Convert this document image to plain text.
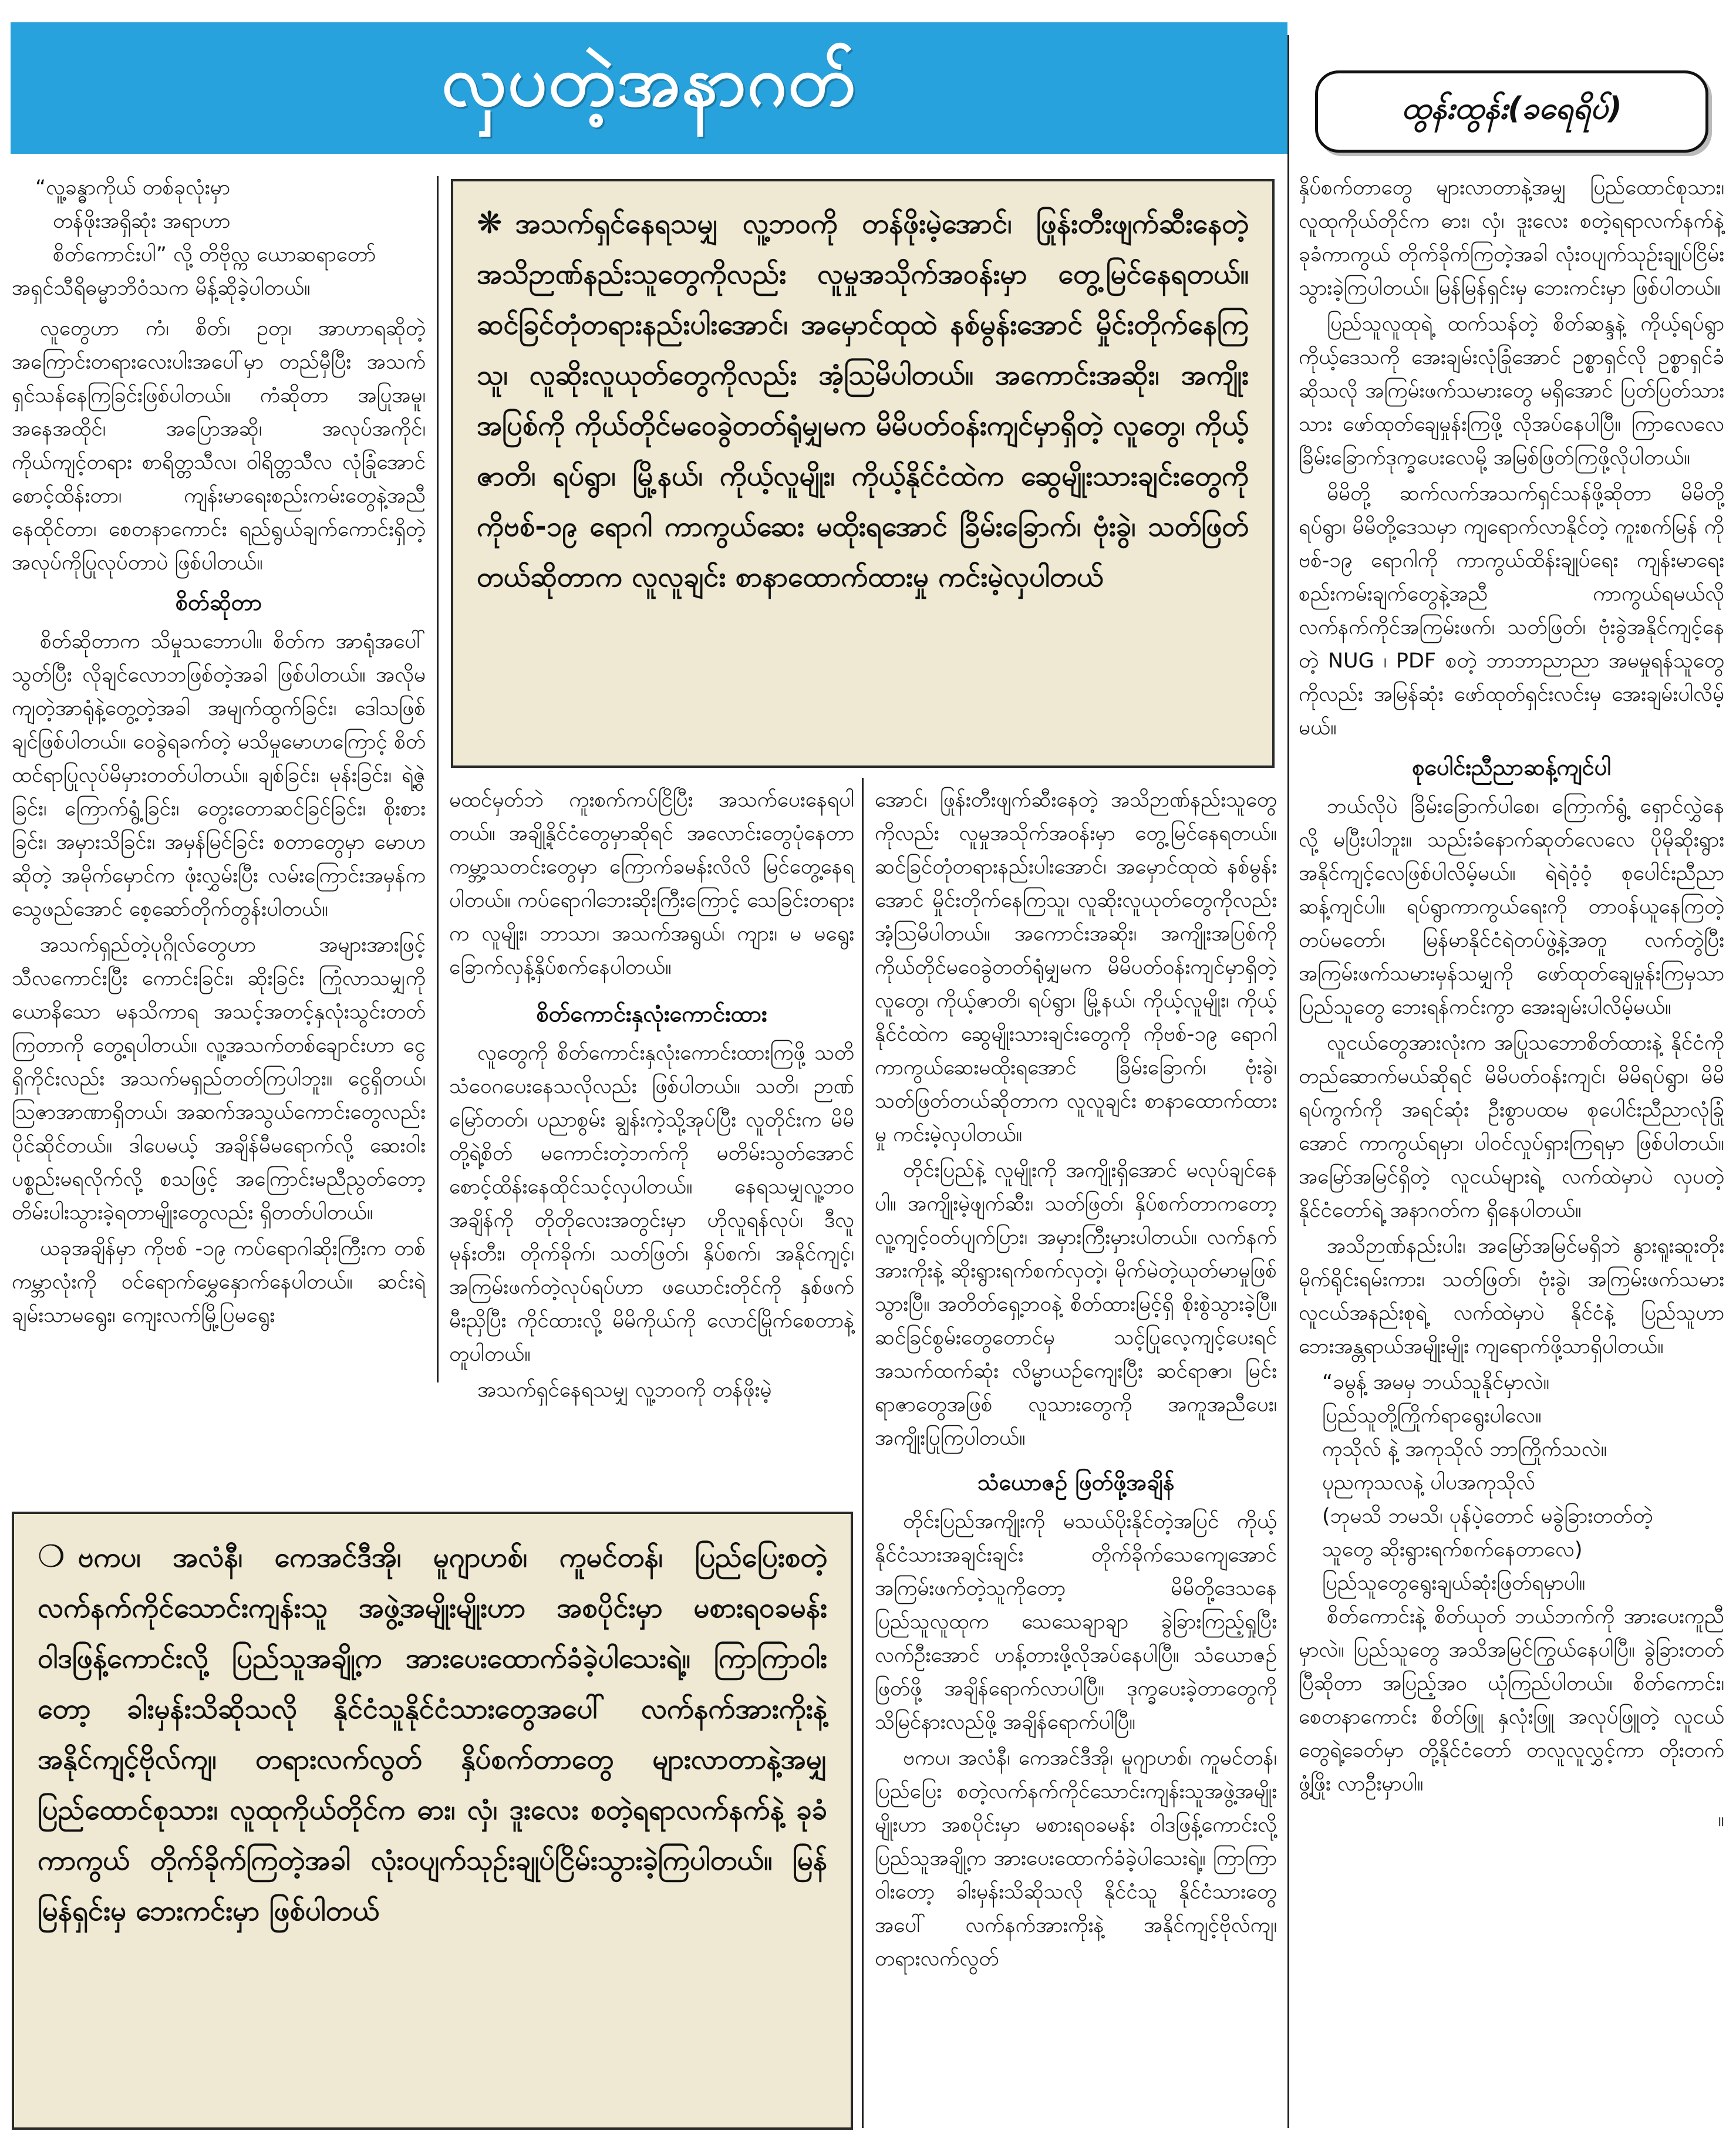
လှပတဲ့အနာဂတ်	ထွန်းထွန်း(ခရေရိပ်)

“လူ့ခန္ဓာကိုယ် တစ်ခုလုံးမှာ

တန်ဖိုးအရှိဆုံး အရာဟာ

စိတ်ကောင်းပါ” လို့ တိဗိုလ္က ယောဆရာတော်

အရှင်သီရိဓမ္မာဘိဝံသက မိန့်ဆိုခဲ့ပါတယ်။

လူတွေဟာ ကံ၊ စိတ်၊ ဥတု၊ အာဟာရဆိုတဲ့ အကြောင်းတရားလေးပါးအပေါ်မှာ တည်မှီပြီး အသက်ရှင်သန်နေကြခြင်းဖြစ်ပါတယ်။ ကံဆိုတာ အပြုအမူ၊ အနေအထိုင်၊ အပြောအဆို၊ အလုပ်အကိုင်၊ ကိုယ်ကျင့်တရား စာရိတ္တသီလ၊ ဝါရိတ္တသီလ လုံခြုံအောင် စောင့်ထိန်းတာ၊ ကျန်းမာရေးစည်းကမ်းတွေနဲ့အညီ နေထိုင်တာ၊ စေတနာကောင်း ရည်ရွယ်ချက်ကောင်းရှိတဲ့ အလုပ်ကိုပြုလုပ်တာပဲ ဖြစ်ပါတယ်။

စိတ်ဆိုတာ

စိတ်ဆိုတာက သိမှုသဘောပါ။ စိတ်က အာရုံအပေါ်သွတ်ပြီး လိုချင်လောဘဖြစ်တဲ့အခါ ဖြစ်ပါတယ်။ အလိုမကျတဲ့အာရုံနဲ့တွေ့တဲ့အခါ အမျက်ထွက်ခြင်း၊ ဒေါသဖြစ်ချင်ဖြစ်ပါတယ်။ ဝေခွဲရခက်တဲ့ မသိမှုမောဟကြောင့် စိတ်ထင်ရာပြုလုပ်မိမှားတတ်ပါတယ်။ ချစ်ခြင်း၊ မုန်းခြင်း၊ ရဲ့ဇွဲခြင်း၊ ကြောက်ရွံ့ခြင်း၊ တွေးတောဆင်ခြင်ခြင်း၊ စိုးစားခြင်း၊ အမှားသိခြင်း၊ အမှန်မြင်ခြင်း စတာတွေမှာ မောဟဆိုတဲ့ အမိုက်မှောင်က ဖုံးလွှမ်းပြီး လမ်းကြောင်းအမှန်က သွေဖည်အောင် စေ့ဆော်တိုက်တွန်းပါတယ်။

အသက်ရှည်တဲ့ပုဂ္ဂိုလ်တွေဟာ အများအားဖြင့် သီလကောင်းပြီး ကောင်းခြင်း၊ ဆိုးခြင်း ကြုံလာသမျှကို ယောနိသော မနသိကာရ အသင့်အတင့်နှလုံးသွင်းတတ်ကြတာကို တွေ့ရပါတယ်။ လူ့အသက်တစ်ချောင်းဟာ ငွေရှိကိုင်းလည်း အသက်မရှည်တတ်ကြပါဘူး။ ငွေရှိတယ်၊ ဩဇာအာဏာရှိတယ်၊ အဆက်အသွယ်ကောင်းတွေလည်း ပိုင်ဆိုင်တယ်။ ဒါပေမယ့် အချိန်မီမရောက်လို့ ဆေးဝါးပစ္စည်းမရလိုက်လို့ စသဖြင့် အကြောင်းမညီညွတ်တော့ တိမ်းပါးသွားခဲ့ရတာမျိုးတွေလည်း ရှိတတ်ပါတယ်။

ယခုအချိန်မှာ ကိုဗစ် -၁၉ ကပ်ရောဂါဆိုးကြီးက တစ်ကမ္ဘာလုံးကို ဝင်ရောက်မွှေနှောက်နေပါတယ်။ ဆင်းရဲချမ်းသာမရွေး၊ ကျေးလက်မြို့ပြမရွေး

❋ အသက်ရှင်နေရသမျှ လူ့ဘဝကို တန်ဖိုးမဲ့အောင်၊ ဖြုန်းတီးဖျက်ဆီးနေတဲ့ အသိဉာဏ်နည်းသူတွေကိုလည်း လူမှုအသိုက်အဝန်းမှာ တွေ့မြင်နေရတယ်။ ဆင်ခြင်တုံတရားနည်းပါးအောင်၊ အမှောင်ထုထဲ နစ်မွန်းအောင် မှိုင်းတိုက်နေကြသူ၊ လူဆိုးလူယုတ်တွေကိုလည်း အံ့သြမိပါတယ်။ အကောင်းအဆိုး၊ အကျိုးအပြစ်ကို ကိုယ်တိုင်မဝေခွဲတတ်ရုံမျှမက မိမိပတ်ဝန်းကျင်မှာရှိတဲ့ လူတွေ၊ ကိုယ့်ဇာတိ၊ ရပ်ရွာ၊ မြို့နယ်၊ ကိုယ့်လူမျိုး၊ ကိုယ့်နိုင်ငံထဲက ဆွေမျိုးသားချင်းတွေကို ကိုဗစ်-၁၉ ရောဂါ ကာကွယ်ဆေး မထိုးရအောင် ခြိမ်းခြောက်၊ ဗုံးခွဲ၊ သတ်ဖြတ်တယ်ဆိုတာက လူလူချင်း စာနာထောက်ထားမှု ကင်းမဲ့လှပါတယ်

မထင်မှတ်ဘဲ ကူးစက်ကပ်ငြိပြီး အသက်ပေးနေရပါတယ်။ အချို့နိုင်ငံတွေမှာဆိုရင် အလောင်းတွေပုံနေတာ ကမ္ဘာ့သတင်းတွေမှာ ကြောက်ခမန်းလိလိ မြင်တွေ့နေရပါတယ်။ ကပ်ရောဂါဘေးဆိုးကြီးကြောင့် သေခြင်းတရားက လူမျိုး၊ ဘာသာ၊ အသက်အရွယ်၊ ကျား၊ မ မရွေး ခြောက်လှန့်နှိပ်စက်နေပါတယ်။

စိတ်ကောင်းနှလုံးကောင်းထား

လူတွေကို စိတ်ကောင်းနှလုံးကောင်းထားကြဖို့ သတိသံဝေဂပေးနေသလိုလည်း ဖြစ်ပါတယ်။ သတိ၊ ဉာဏ်မြော်တတ်၊ ပညာစွမ်း ချွန်းကဲ့သို့အုပ်ပြီး လူတိုင်းက မိမိတို့ရဲ့စိတ် မကောင်းတဲ့ဘက်ကို မတိမ်းသွတ်အောင် စောင့်ထိန်းနေထိုင်သင့်လှပါတယ်။ နေရသမျှလူ့ဘဝအချိန်ကို တိုတိုလေးအတွင်းမှာ ဟိုလူရန်လုပ်၊ ဒီလူမုန်းတီး၊ တိုက်ခိုက်၊ သတ်ဖြတ်၊ နှိပ်စက်၊ အနိုင်ကျင့်၊ အကြမ်းဖက်တဲ့လုပ်ရပ်ဟာ ဖယောင်းတိုင်ကို နှစ်ဖက်မီးညှိပြီး ကိုင်ထားလို့ မိမိကိုယ်ကို လောင်မြိုက်စေတာနဲ့ တူပါတယ်။

အသက်ရှင်နေရသမျှ လူ့ဘဝကို တန်ဖိုးမဲ့

အောင်၊ ဖြုန်းတီးဖျက်ဆီးနေတဲ့ အသိဉာဏ်နည်းသူတွေကိုလည်း လူမှုအသိုက်အဝန်းမှာ တွေ့မြင်နေရတယ်။ ဆင်ခြင်တုံတရားနည်းပါးအောင်၊ အမှောင်ထုထဲ နစ်မွန်းအောင် မှိုင်းတိုက်နေကြသူ၊ လူဆိုးလူယုတ်တွေကိုလည်း အံ့သြမိပါတယ်။ အကောင်းအဆိုး၊ အကျိုးအပြစ်ကို ကိုယ်တိုင်မဝေခွဲတတ်ရုံမျှမက မိမိပတ်ဝန်းကျင်မှာရှိတဲ့ လူတွေ၊ ကိုယ့်ဇာတိ၊ ရပ်ရွာ၊ မြို့နယ်၊ ကိုယ့်လူမျိုး၊ ကိုယ့်နိုင်ငံထဲက ဆွေမျိုးသားချင်းတွေကို ကိုဗစ်-၁၉ ရောဂါ ကာကွယ်ဆေးမထိုးရအောင် ခြိမ်းခြောက်၊ ဗုံးခွဲ၊ သတ်ဖြတ်တယ်ဆိုတာက လူလူချင်း စာနာထောက်ထားမှု ကင်းမဲ့လှပါတယ်။

တိုင်းပြည်နဲ့ လူမျိုးကို အကျိုးရှိအောင် မလုပ်ချင်နေပါ။ အကျိုးမဲ့ဖျက်ဆီး၊ သတ်ဖြတ်၊ နှိပ်စက်တာကတော့ လူ့ကျင့်ဝတ်ပျက်ပြား၊ အမှားကြီးမှားပါတယ်။ လက်နက်အားကိုးနဲ့ ဆိုးရွားရက်စက်လှတဲ့၊ မိုက်မဲတဲ့ယုတ်မာမှုဖြစ်သွားပြီ။ အတိတ်ရှေ့ဘဝနဲ့ စိတ်ထားမြင့်ရှိ စိုးစွဲသွားခဲ့ပြီ။ ဆင်ခြင်စွမ်းတွေတောင်မှ သင့်ပြုလေ့ကျင့်ပေးရင် အသက်ထက်ဆုံး လိမ္မာယဉ်ကျေးပြီး ဆင်ရာဇာ၊ မြင်းရာဇာတွေအဖြစ် လူသားတွေကို အကူအညီပေး၊ အကျိုးပြုကြပါတယ်။

သံယောဇဉ် ဖြတ်ဖို့အချိန်

တိုင်းပြည်အကျိုးကို မသယ်ပိုးနိုင်တဲ့အပြင် ကိုယ့်နိုင်ငံသားအချင်းချင်း တိုက်ခိုက်သေကျေအောင် အကြမ်းဖက်တဲ့သူကိုတော့ မိမိတို့ဒေသနေ ပြည်သူလူထုက သေသေချာချာ ခွဲခြားကြည့်ရှုပြီး လက်ဦးအောင် ဟန့်တားဖို့လိုအပ်နေပါပြီ။ သံယောဇဉ်ဖြတ်ဖို့ အချိန်ရောက်လာပါပြီ။ ဒုက္ခပေးခဲ့တာတွေကို သိမြင်နားလည်ဖို့ အချိန်ရောက်ပါပြီ။

ဗကပ၊ အလံနီ၊ ကေအင်ဒီအို၊ မူဂျာဟစ်၊ ကူမင်တန်၊ ပြည်ပြေး စတဲ့လက်နက်ကိုင်သောင်းကျန်းသူအဖွဲ့အမျိုးမျိုးဟာ အစပိုင်းမှာ မစားရဝခမန်း ဝါဒဖြန့်ကောင်းလို့ ပြည်သူအချို့က အားပေးထောက်ခံခဲ့ပါသေးရဲ့။ ကြာကြာဝါးတော့ ခါးမှန်းသိဆိုသလို နိုင်ငံသူ နိုင်ငံသားတွေအပေါ် လက်နက်အားကိုးနဲ့ အနိုင်ကျင့်ဗိုလ်ကျ၊ တရားလက်လွတ်

❍ ဗကပ၊ အလံနီ၊ ကေအင်ဒီအို၊ မူဂျာဟစ်၊ ကူမင်တန်၊ ပြည်ပြေးစတဲ့ လက်နက်ကိုင်သောင်းကျန်းသူ အဖွဲ့အမျိုးမျိုးဟာ အစပိုင်းမှာ မစားရဝခမန်း ဝါဒဖြန့်ကောင်းလို့ ပြည်သူအချို့က အားပေးထောက်ခံခဲ့ပါသေးရဲ့။ ကြာကြာဝါးတော့ ခါးမှန်းသိဆိုသလို နိုင်ငံသူနိုင်ငံသားတွေအပေါ် လက်နက်အားကိုးနဲ့ အနိုင်ကျင့်ဗိုလ်ကျ၊ တရားလက်လွတ် နှိပ်စက်တာတွေ များလာတာနဲ့အမျှ ပြည်ထောင်စုသား၊ လူထုကိုယ်တိုင်က ဓား၊ လှံ၊ ဒူးလေး စတဲ့ရရာလက်နက်နဲ့ ခုခံကာကွယ် တိုက်ခိုက်ကြတဲ့အခါ လုံးဝပျက်သုဉ်းချုပ်ငြိမ်းသွားခဲ့ကြပါတယ်။ မြန်မြန်ရှင်းမှ ဘေးကင်းမှာ ဖြစ်ပါတယ်

နှိပ်စက်တာတွေ များလာတာနဲ့အမျှ ပြည်ထောင်စုသား၊ လူထုကိုယ်တိုင်က ဓား၊ လှံ၊ ဒူးလေး စတဲ့ရရာလက်နက်နဲ့ ခုခံကာကွယ် တိုက်ခိုက်ကြတဲ့အခါ လုံးဝပျက်သုဉ်းချုပ်ငြိမ်းသွားခဲ့ကြပါတယ်။ မြန်မြန်ရှင်းမှ ဘေးကင်းမှာ ဖြစ်ပါတယ်။

ပြည်သူလူထုရဲ့ ထက်သန်တဲ့ စိတ်ဆန္ဒနဲ့ ကိုယ့်ရပ်ရွာ ကိုယ့်ဒေသကို အေးချမ်းလုံခြုံအောင် ဥစ္စာရှင်လို ဥစ္စာရှင်ခံဆိုသလို အကြမ်းဖက်သမားတွေ မရှိအောင် ပြတ်ပြတ်သားသား ဖော်ထုတ်ချေမှုန်းကြဖို့ လိုအပ်နေပါပြီ။ ကြာလေလေ ခြိမ်းခြောက်ဒုက္ခပေးလေမို့ အမြစ်ဖြတ်ကြဖို့လိုပါတယ်။

မိမိတို့ ဆက်လက်အသက်ရှင်သန်ဖို့ဆိုတာ မိမိတို့ရပ်ရွာ၊ မိမိတို့ဒေသမှာ ကျရောက်လာနိုင်တဲ့ ကူးစက်မြန် ကိုဗစ်-၁၉ ရောဂါကို ကာကွယ်ထိန်းချုပ်ရေး ကျန်းမာရေးစည်းကမ်းချက်တွေနဲ့အညီ ကာကွယ်ရမယ်လို လက်နက်ကိုင်အကြမ်းဖက်၊ သတ်ဖြတ်၊ ဗုံးခွဲအနိုင်ကျင့်နေတဲ့ NUG ၊ PDF စတဲ့ ဘာဘာညာညာ အမမှုရန်သူတွေကိုလည်း အမြန်ဆုံး ဖော်ထုတ်ရှင်းလင်းမှ အေးချမ်းပါလိမ့်မယ်။

စုပေါင်းညီညာဆန့်ကျင်ပါ

ဘယ်လိုပဲ ခြိမ်းခြောက်ပါစေ၊ ကြောက်ရွံ့ ရှောင်လွှဲနေလို့ မပြီးပါဘူး။ သည်းခံနောက်ဆုတ်လေလေ ပိုမိုဆိုးရွားအနိုင်ကျင့်လေဖြစ်ပါလိမ့်မယ်။ ရဲရဲဝံ့ဝံ့ စုပေါင်းညီညာဆန့်ကျင်ပါ။ ရပ်ရွာကာကွယ်ရေးကို တာဝန်ယူနေကြတဲ့ တပ်မတော်၊ မြန်မာနိုင်ငံရဲတပ်ဖွဲ့နဲ့အတူ လက်တွဲပြီး အကြမ်းဖက်သမားမှန်သမျှကို ဖော်ထုတ်ချေမှုန်းကြမှသာ ပြည်သူတွေ ဘေးရန်ကင်းကွာ အေးချမ်းပါလိမ့်မယ်။

လူငယ်တွေအားလုံးက အပြုသဘောစိတ်ထားနဲ့ နိုင်ငံကို တည်ဆောက်မယ်ဆိုရင် မိမိပတ်ဝန်းကျင်၊ မိမိရပ်ရွာ၊ မိမိရပ်ကွက်ကို အရင်ဆုံး ဦးစွာပထမ စုပေါင်းညီညာလုံခြုံအောင် ကာကွယ်ရမှာ၊ ပါဝင်လှုပ်ရှားကြရမှာ ဖြစ်ပါတယ်။ အမြော်အမြင်ရှိတဲ့ လူငယ်များရဲ့ လက်ထဲမှာပဲ လှပတဲ့ နိုင်ငံတော်ရဲ့ အနာဂတ်က ရှိနေပါတယ်။

အသိဉာဏ်နည်းပါး၊ အမြော်အမြင်မရှိဘဲ နွားရူးဆူးတိုး မိုက်ရိုင်းရမ်းကား၊ သတ်ဖြတ်၊ ဗုံးခွဲ၊ အကြမ်းဖက်သမားလူငယ်အနည်းစုရဲ့ လက်ထဲမှာပဲ နိုင်ငံနဲ့ ပြည်သူဟာ ဘေးအန္တရာယ်အမျိုးမျိုး ကျရောက်ဖို့သာရှိပါတယ်။

“ခမွန့် အမမှ ဘယ်သူနိုင်မှာလဲ။

ပြည်သူတို့ကြိုက်ရာရွေးပါလေ။

ကုသိုလ် နဲ့ အကုသိုလ် ဘာကြိုက်သလဲ။

ပုညကုသလနဲ့ ပါပအကုသိုလ်

(ဘုမသိ ဘမသိ၊ ပုန်ပဲ့တောင် မခွဲခြားတတ်တဲ့

သူတွေ ဆိုးရွားရက်စက်နေတာလေ)

ပြည်သူတွေရွေးချယ်ဆုံးဖြတ်ရမှာပါ။

စိတ်ကောင်းနဲ့ စိတ်ယုတ် ဘယ်ဘက်ကို အားပေးကူညီမှာလဲ။ ပြည်သူတွေ အသိအမြင်ကြွယ်နေပါပြီ။ ခွဲခြားတတ်ပြီဆိုတာ အပြည့်အဝ ယုံကြည်ပါတယ်။ စိတ်ကောင်း၊ စေတနာကောင်း စိတ်ဖြူ နှလုံးဖြူ အလုပ်ဖြူတဲ့ လူငယ်တွေရဲ့ခေတ်မှာ တို့နိုင်ငံတော် တလူလူလွှင့်ကာ တိုးတက်ဖွံ့ဖြိုး လာဦးမှာပါ။

။
